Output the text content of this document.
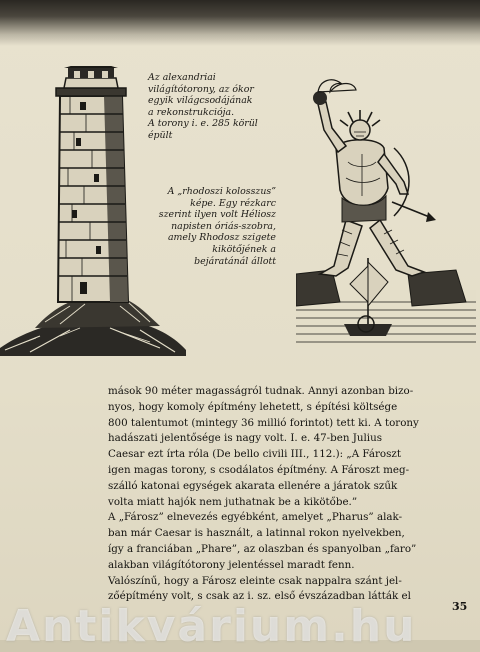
Az alexandriai
világítótorony, az ókor
egyik világcsodájának
a rekonstrukciója.
A torony i. e. 285 körül
épült

A „rhodoszi kolosszus”
képe. Egy rézkarc
szerint ilyen volt Héliosz
napisten óriás-szobra,
amely Rhodosz szigete
kikötőjének a
bejáratánál állott

mások 90 méter magasságról tudnak. Annyi azonban bizo-
nyos, hogy komoly építmény lehetett, s építési költsége
800 talentumot (mintegy 36 millió forintot) tett ki. A torony
hadászati jelentősége is nagy volt. I. e. 47-ben Julius
Caesar ezt írta róla (De bello civili III., 112.): „A Fároszt
igen magas torony, s csodálatos építmény. A Fároszt meg-
szálló katonai egységek akarata ellenére a járatok szűk
volta miatt hajók nem juthatnak be a kikötőbe.”
A „Fárosz” elnevezés egyébként, amelyet „Pharus” alak-
ban már Caesar is használt, a latinnal rokon nyelvekben,
így a franciában „Phare”, az olaszban és spanyolban „faro”
alakban világítótorony jelentéssel maradt fenn.
Valószínű, hogy a Fárosz eleinte csak nappalra szánt jel-
zőépítmény volt, s csak az i. sz. első évszázadban látták el
35
Antikvárium.hu
